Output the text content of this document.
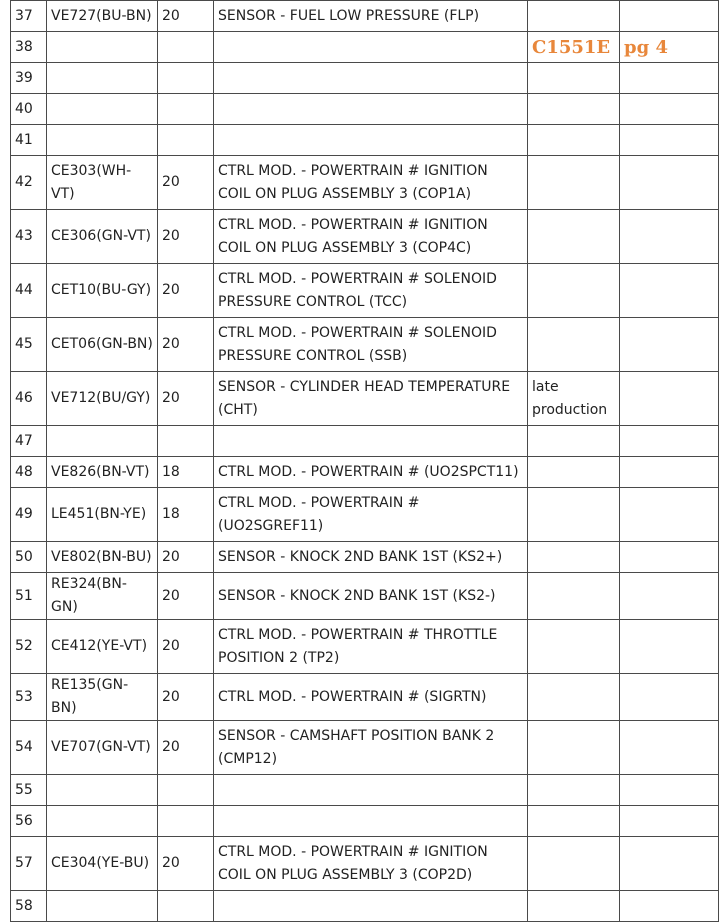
37	VE727(BU-BN)	20	SENSOR - FUEL LOW PRESSURE (FLP)		
38				C1551E	pg 4
39					
40					
41					
42	CE303(WH-VT)	20	CTRL MOD. - POWERTRAIN # IGNITION COIL ON PLUG ASSEMBLY 3 (COP1A)		
43	CE306(GN-VT)	20	CTRL MOD. - POWERTRAIN # IGNITION COIL ON PLUG ASSEMBLY 3 (COP4C)		
44	CET10(BU-GY)	20	CTRL MOD. - POWERTRAIN # SOLENOID PRESSURE CONTROL (TCC)		
45	CET06(GN-BN)	20	CTRL MOD. - POWERTRAIN # SOLENOID PRESSURE CONTROL (SSB)		
46	VE712(BU/GY)	20	SENSOR - CYLINDER HEAD TEMPERATURE (CHT)	late production	
47					
48	VE826(BN-VT)	18	CTRL MOD. - POWERTRAIN # (UO2SPCT11)		
49	LE451(BN-YE)	18	CTRL MOD. - POWERTRAIN # (UO2SGREF11)		
50	VE802(BN-BU)	20	SENSOR - KNOCK 2ND BANK 1ST (KS2+)		
51	RE324(BN-GN)	20	SENSOR - KNOCK 2ND BANK 1ST (KS2-)		
52	CE412(YE-VT)	20	CTRL MOD. - POWERTRAIN # THROTTLE POSITION 2 (TP2)		
53	RE135(GN-BN)	20	CTRL MOD. - POWERTRAIN # (SIGRTN)		
54	VE707(GN-VT)	20	SENSOR - CAMSHAFT POSITION BANK 2 (CMP12)		
55					
56					
57	CE304(YE-BU)	20	CTRL MOD. - POWERTRAIN # IGNITION COIL ON PLUG ASSEMBLY 3 (COP2D)		
58					
